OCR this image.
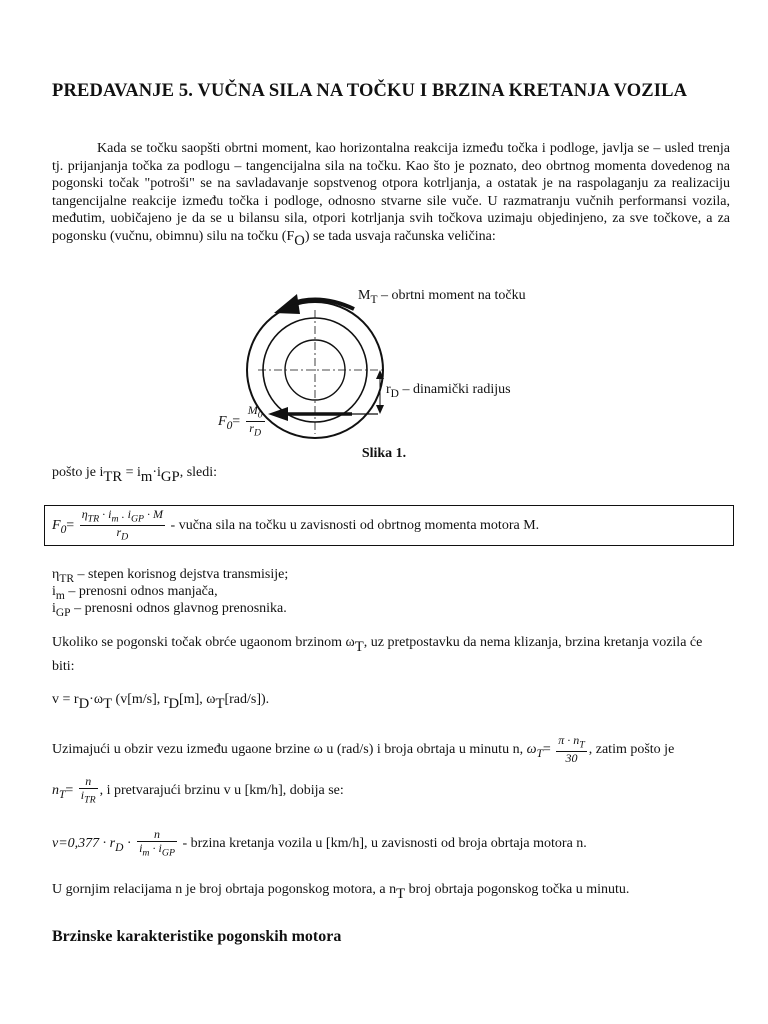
PREDAVANJE 5. VUČNA SILA NA TOČKU I BRZINA KRETANJA VOZILA

Kada se točku saopšti obrtni moment, kao horizontalna reakcija između točka i podloge, javlja se – usled trenja tj. prijanjanja točka za podlogu – tangencijalna sila na točku. Kao što je poznato, deo obrtnog momenta dovedenog na pogonski točak "potroši" se na savladavanje sopstvenog otpora kotrljanja, a ostatak je na raspolaganju za realizaciju tangencijalne reakcije između točka i podloge, odnosno stvarne sile vuče. U razmatranju vučnih performansi vozila, međutim, uobičajeno je da se u bilansu sila, otpori kotrljanja svih točkova uzimaju objedinjeno, za sve točkove, a za pogonsku (vučnu, obimnu) silu na točku (FO) se tada usvaja računska veličina:

$M_T$ – obrtni moment na točku
$r_D$ – dinamički radijus
$F_0= \frac{M_0}{r_D}$
Slika 1.
pošto je iTR = im·iGP, sledi:
$F_0= \frac{\eta_{TR} \cdot i_m . i_{GP} \cdot M}{r_D}$ - vučna sila na točku u zavisnosti od obrtnog momenta motora M.
$\eta_{TR}$ – stepen korisnog dejstva transmisije;
$i_m$ – prenosni odnos manjača,
$i_{GP}$ – prenosni odnos glavnog prenosnika.
Ukoliko se pogonski točak obrće ugaonom brzinom ωT, uz pretpostavku da nema klizanja, brzina kretanja vozila će
biti:
v = rD·ωT (v[m/s], rD[m], ωT[rad/s]).
Uzimajući u obzir vezu između ugaone brzine ω u (rad/s) i broja obrtaja u minutu n, $\omega_T= \frac{\pi \cdot n_T}{30}$ , zatim pošto je
$n_T= \frac{n}{i_{TR}}$ , i pretvarajući brzinu v u [km/h], dobija se:
$v=0,377 \cdot r_D \cdot \frac{n}{i_m \cdot i_{GP}}$ - brzina kretanja vozila u [km/h], u zavisnosti od broja obrtaja motora n.
U gornjim relacijama n je broj obrtaja pogonskog motora, a nT broj obrtaja pogonskog točka u minutu.
Brzinske karakteristike pogonskih motora
